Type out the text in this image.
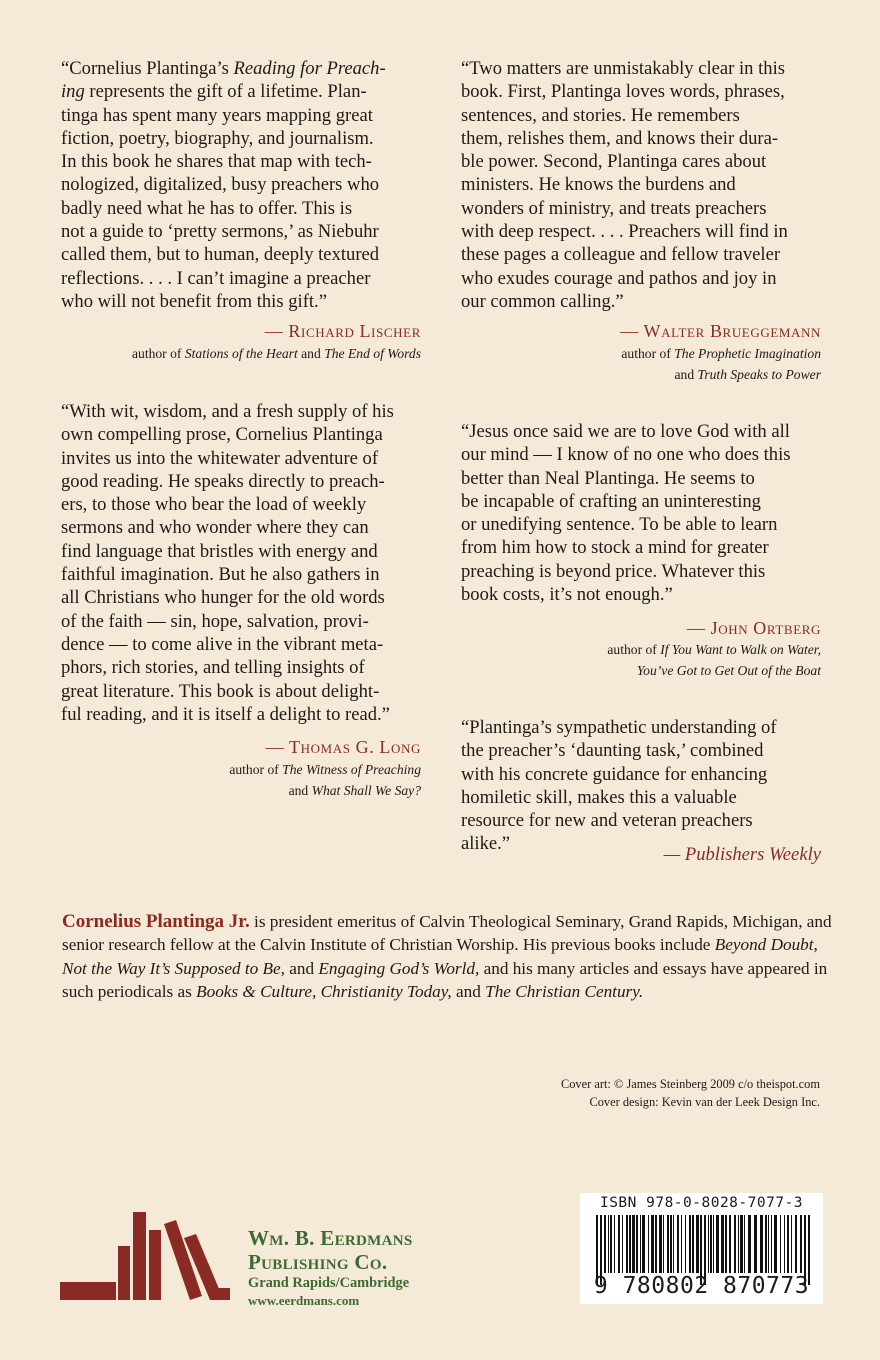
“Cornelius Plantinga’s Reading for Preach-
ing represents the gift of a lifetime. Plan-
tinga has spent many years mapping great
fiction, poetry, biography, and journalism.
In this book he shares that map with tech-
nologized, digitalized, busy preachers who
badly need what he has to offer. This is
not a guide to ‘pretty sermons,’ as Niebuhr
called them, but to human, deeply textured
reflections. . . . I can’t imagine a preacher
who will not benefit from this gift.”

— Richard Lischer
author of Stations of the Heart and The End of Words

“Two matters are unmistakably clear in this
book. First, Plantinga loves words, phrases,
sentences, and stories. He remembers
them, relishes them, and knows their dura-
ble power. Second, Plantinga cares about
ministers. He knows the burdens and
wonders of ministry, and treats preachers
with deep respect. . . . Preachers will find in
these pages a colleague and fellow traveler
who exudes courage and pathos and joy in
our common calling.”

— Walter Brueggemann
author of The Prophetic Imagination
and Truth Speaks to Power

“With wit, wisdom, and a fresh supply of his
own compelling prose, Cornelius Plantinga
invites us into the whitewater adventure of
good reading. He speaks directly to preach-
ers, to those who bear the load of weekly
sermons and who wonder where they can
find language that bristles with energy and
faithful imagination. But he also gathers in
all Christians who hunger for the old words
of the faith — sin, hope, salvation, provi-
dence — to come alive in the vibrant meta-
phors, rich stories, and telling insights of
great literature. This book is about delight-
ful reading, and it is itself a delight to read.”

— Thomas G. Long
author of The Witness of Preaching
and What Shall We Say?

“Jesus once said we are to love God with all
our mind — I know of no one who does this
better than Neal Plantinga. He seems to
be incapable of crafting an uninteresting
or unedifying sentence. To be able to learn
from him how to stock a mind for greater
preaching is beyond price. Whatever this
book costs, it’s not enough.”

— John Ortberg
author of If You Want to Walk on Water,
You’ve Got to Get Out of the Boat

“Plantinga’s sympathetic understanding of
the preacher’s ‘daunting task,’ combined
with his concrete guidance for enhancing
homiletic skill, makes this a valuable
resource for new and veteran preachers
alike.”

— Publishers Weekly
Cornelius Plantinga Jr. is president emeritus of Calvin Theological Seminary, Grand Rapids, Michigan, and senior research fellow at the Calvin Institute of Christian Worship. His previous books include Beyond Doubt, Not the Way It’s Supposed to Be, and Engaging God’s World, and his many articles and essays have appeared in such periodicals as Books & Culture, Christianity Today, and The Christian Century.
Cover art: © James Steinberg 2009 c/o theispot.com
Cover design: Kevin van der Leek Design Inc.
Wm. B. Eerdmans
Publishing Co.
Grand Rapids/Cambridge
www.eerdmans.com
ISBN 978-0-8028-7077-3
9 780802 870773
